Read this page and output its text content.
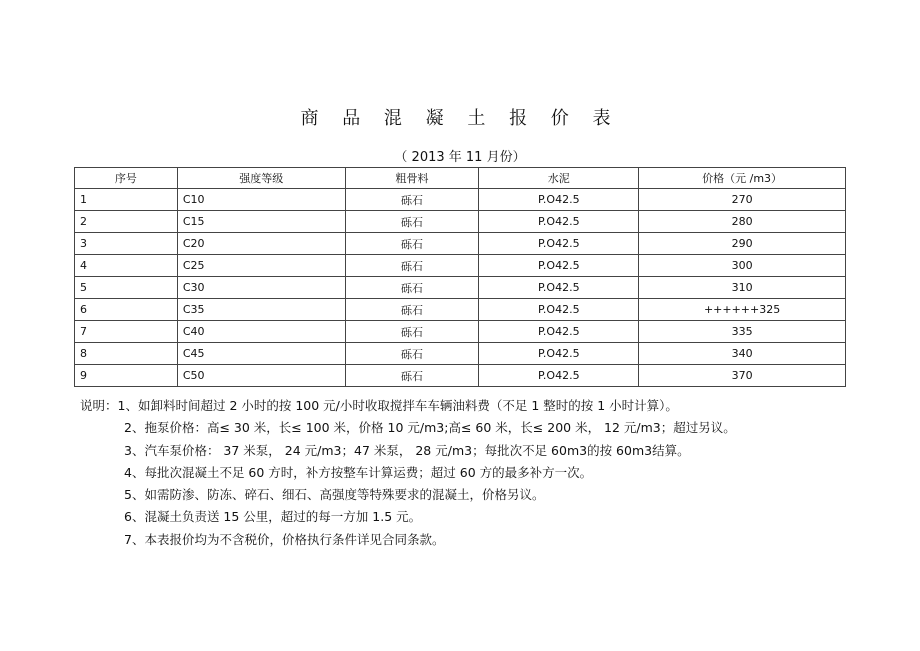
商 品 混 凝 土 报 价 表
（ 2013 年 11 月份）
序号	强度等级	粗骨料	水泥	价格（元 /m3）
1	C10	砾石	P.O42.5	270
2	C15	砾石	P.O42.5	280
3	C20	砾石	P.O42.5	290
4	C25	砾石	P.O42.5	300
5	C30	砾石	P.O42.5	310
6	C35	砾石	P.O42.5	++++++325
7	C40	砾石	P.O42.5	335
8	C45	砾石	P.O42.5	340
9	C50	砾石	P.O42.5	370
说明：1、如卸料时间超过 2 小时的按 100 元/小时收取搅拌车车辆油料费（不足 1 整时的按 1 小时计算）。
2、拖泵价格：高≤ 30 米，长≤ 100 米，价格 10 元/m3;高≤ 60 米，长≤ 200 米， 12 元/m3；超过另议。
3、汽车泵价格： 37 米泵， 24 元/m3；47 米泵， 28 元/m3；每批次不足 60m3的按 60m3结算。
4、每批次混凝土不足 60 方时，补方按整车计算运费；超过 60 方的最多补方一次。
5、如需防渗、防冻、碎石、细石、高强度等特殊要求的混凝土，价格另议。
6、混凝土负责送 15 公里，超过的每一方加 1.5 元。
7、本表报价均为不含税价，价格执行条件详见合同条款。
